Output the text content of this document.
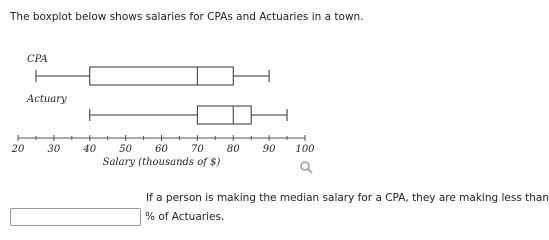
The boxplot below shows salaries for CPAs and Actuaries in a town.
20 30 40 50 60 70 80 90 100
Salary (thousands of $)
CPA
Actuary
If a person is making the median salary for a CPA, they are making less than
% of Actuaries.
